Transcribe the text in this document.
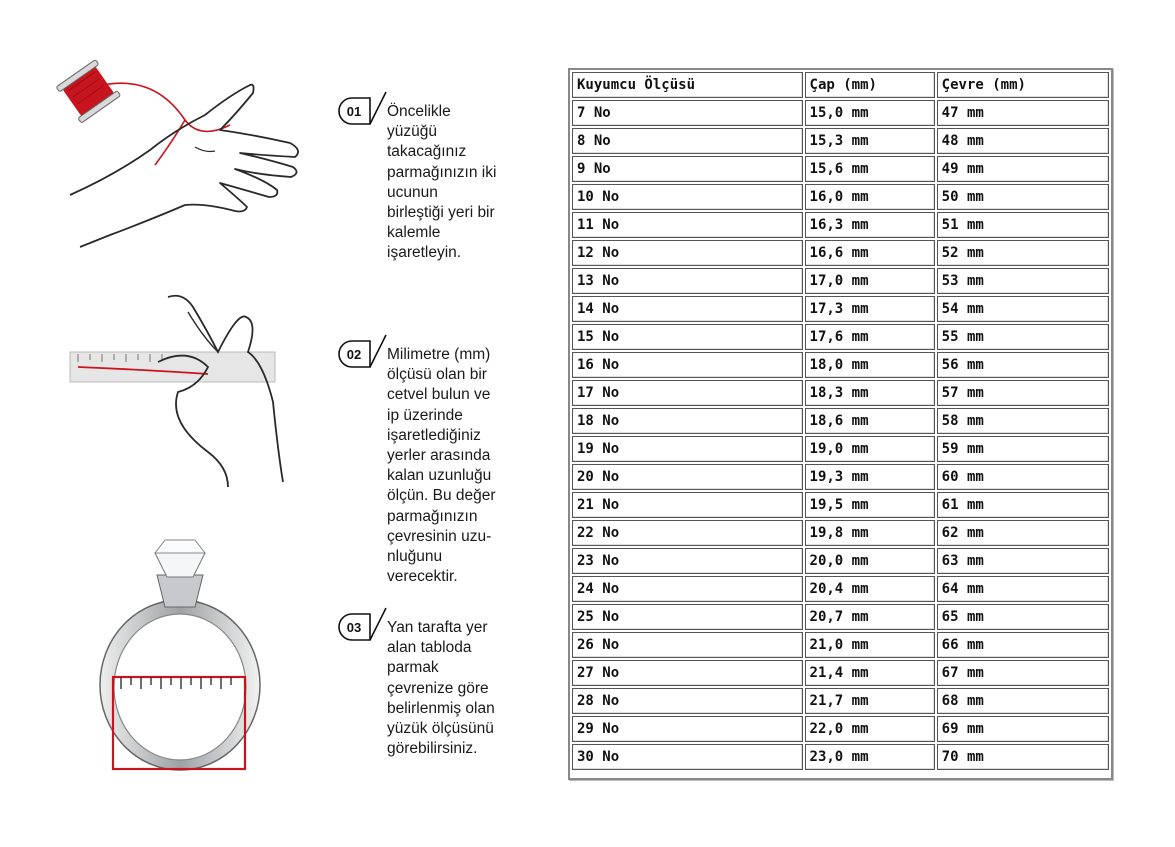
01 Öncelikle
yüzüğü
takacağınız
parmağınızın iki
ucunun
birleştiği yeri bir
kalemle
işaretleyin.
02 Milimetre (mm)
ölçüsü olan bir
cetvel bulun ve
ip üzerinde
işaretlediğiniz
yerler arasında
kalan uzunluğu
ölçün. Bu değer
parmağınızın
çevresinin uzu-
nluğunu
verecektir.
03 Yan tarafta yer
alan tabloda
parmak
çevrenize göre
belirlenmiş olan
yüzük ölçüsünü
görebilirsiniz.
Kuyumcu Ölçüsü	Çap (mm)	Çevre (mm)
7 No	15,0 mm	47 mm
8 No	15,3 mm	48 mm
9 No	15,6 mm	49 mm
10 No	16,0 mm	50 mm
11 No	16,3 mm	51 mm
12 No	16,6 mm	52 mm
13 No	17,0 mm	53 mm
14 No	17,3 mm	54 mm
15 No	17,6 mm	55 mm
16 No	18,0 mm	56 mm
17 No	18,3 mm	57 mm
18 No	18,6 mm	58 mm
19 No	19,0 mm	59 mm
20 No	19,3 mm	60 mm
21 No	19,5 mm	61 mm
22 No	19,8 mm	62 mm
23 No	20,0 mm	63 mm
24 No	20,4 mm	64 mm
25 No	20,7 mm	65 mm
26 No	21,0 mm	66 mm
27 No	21,4 mm	67 mm
28 No	21,7 mm	68 mm
29 No	22,0 mm	69 mm
30 No	23,0 mm	70 mm
